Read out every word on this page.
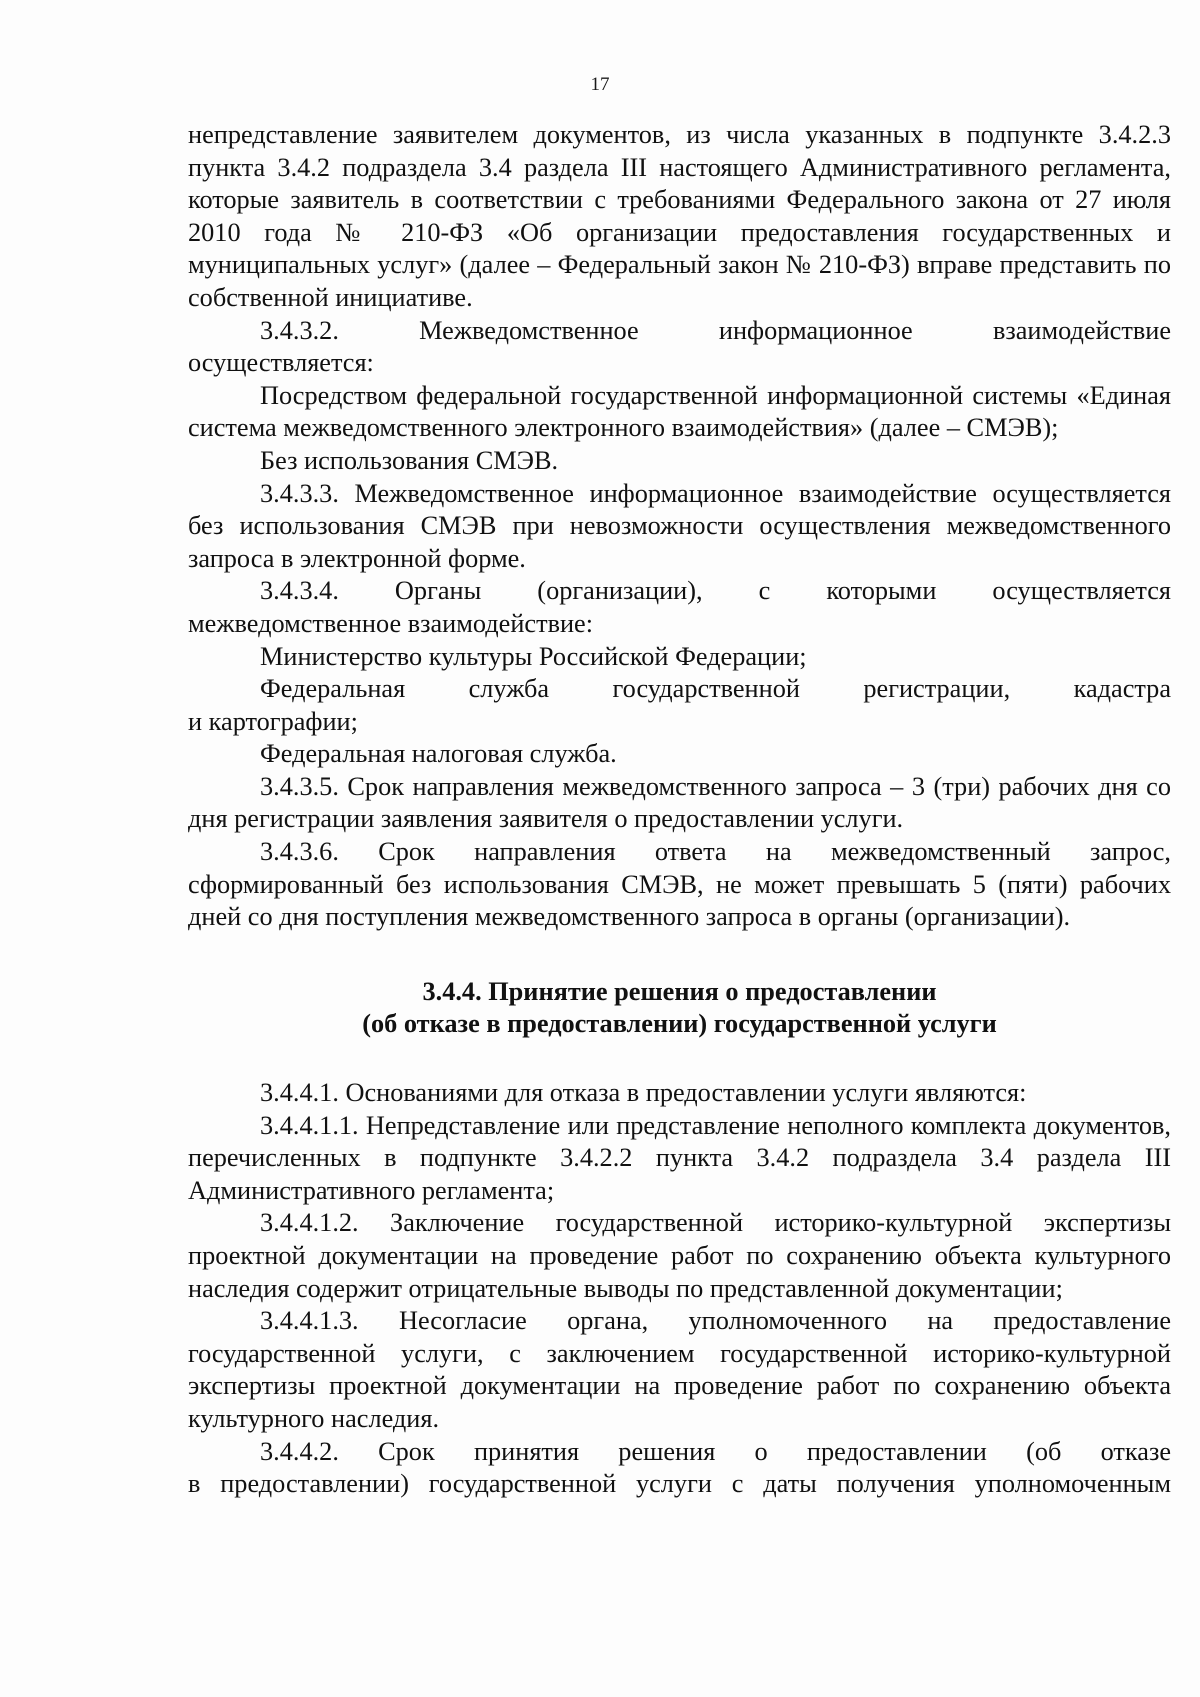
17

непредставление заявителем документов, из числа указанных в подпункте 3.4.2.3 пункта 3.4.2 подраздела 3.4 раздела III настоящего Административного регламента, которые заявитель в соответствии с требованиями Федерального закона от 27 июля 2010 года № 210-ФЗ «Об организации предоставления государственных и муниципальных услуг» (далее – Федеральный закон № 210-ФЗ) вправе представить по собственной инициативе.

3.4.3.2. Межведомственное информационное взаимодействие

осуществляется:

Посредством федеральной государственной информационной системы «Единая система межведомственного электронного взаимодействия» (далее – СМЭВ);

Без использования СМЭВ.

3.4.3.3. Межведомственное информационное взаимодействие осуществляется без использования СМЭВ при невозможности осуществления межведомственного запроса в электронной форме.

3.4.3.4. Органы (организации), с которыми осуществляется

межведомственное взаимодействие:

Министерство культуры Российской Федерации;

Федеральная служба государственной регистрации, кадастра

и картографии;

Федеральная налоговая служба.

3.4.3.5. Срок направления межведомственного запроса – 3 (три) рабочих дня со дня регистрации заявления заявителя о предоставлении услуги.

3.4.3.6. Срок направления ответа на межведомственный запрос, сформированный без использования СМЭВ, не может превышать 5 (пяти) рабочих дней со дня поступления межведомственного запроса в органы (организации).

3.4.4. Принятие решения о предоставлении
(об отказе в предоставлении) государственной услуги

3.4.4.1. Основаниями для отказа в предоставлении услуги являются:

3.4.4.1.1. Непредставление или представление неполного комплекта документов, перечисленных в подпункте 3.4.2.2 пункта 3.4.2 подраздела 3.4 раздела III Административного регламента;

3.4.4.1.2. Заключение государственной историко-культурной экспертизы проектной документации на проведение работ по сохранению объекта культурного наследия содержит отрицательные выводы по представленной документации;

3.4.4.1.3. Несогласие органа, уполномоченного на предоставление государственной услуги, с заключением государственной историко-культурной экспертизы проектной документации на проведение работ по сохранению объекта культурного наследия.

3.4.4.2. Срок принятия решения о предоставлении (об отказе

в предоставлении) государственной услуги с даты получения уполномоченным
